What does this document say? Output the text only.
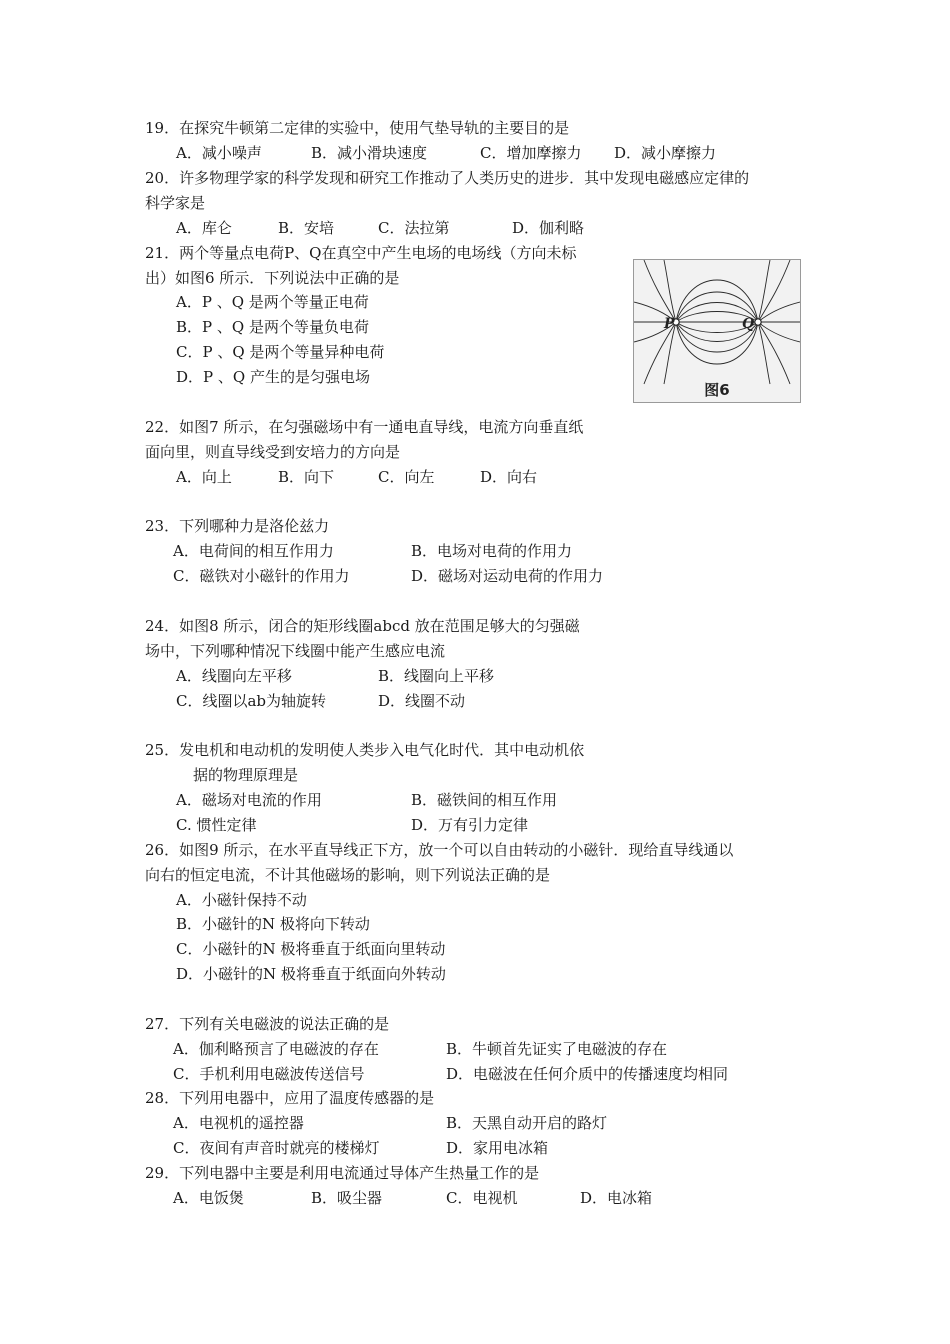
19．在探究牛顿第二定律的实验中，使用气垫导轨的主要目的是
A．减小噪声	B．减小滑块速度	C．增加摩擦力 D．减小摩擦力
20．许多物理学家的科学发现和研究工作推动了人类历史的进步．其中发现电磁感应定律的
科学家是
A．库仑	B．安培	C．法拉第	D．伽利略
21．两个等量点电荷P、Q在真空中产生电场的电场线（方向未标
出）如图6 所示．下列说法中正确的是
A．P 、Q 是两个等量正电荷
B．P 、Q 是两个等量负电荷
C．P 、Q 是两个等量异种电荷
D．P 、Q 产生的是匀强电场
P	Q
图6
22．如图7 所示，在匀强磁场中有一通电直导线，电流方向垂直纸
面向里，则直导线受到安培力的方向是
A．向上	B．向下	C．向左	D．向右
23．下列哪种力是洛伦兹力
A．电荷间的相互作用力	B．电场对电荷的作用力
C．磁铁对小磁针的作用力	D．磁场对运动电荷的作用力
24．如图8 所示，闭合的矩形线圈abcd 放在范围足够大的匀强磁
场中，下列哪种情况下线圈中能产生感应电流
A．线圈向左平移	B．线圈向上平移
C．线圈以ab为轴旋转	D．线圈不动
25．发电机和电动机的发明使人类步入电气化时代．其中电动机依
据的物理原理是
A．磁场对电流的作用	B．磁铁间的相互作用
C. 惯性定律	D．万有引力定律
26．如图9 所示，在水平直导线正下方，放一个可以自由转动的小磁针．现给直导线通以
向右的恒定电流，不计其他磁场的影响，则下列说法正确的是
A．小磁针保持不动
B．小磁针的N 极将向下转动
C．小磁针的N 极将垂直于纸面向里转动
D．小磁针的N 极将垂直于纸面向外转动
27．下列有关电磁波的说法正确的是
A．伽利略预言了电磁波的存在	B．牛顿首先证实了电磁波的存在
C．手机利用电磁波传送信号	D．电磁波在任何介质中的传播速度均相同
28．下列用电器中，应用了温度传感器的是
A．电视机的遥控器	B．天黑自动开启的路灯
C．夜间有声音时就亮的楼梯灯	D．家用电冰箱
29．下列电器中主要是利用电流通过导体产生热量工作的是
A．电饭煲	B．吸尘器	C．电视机	D．电冰箱
